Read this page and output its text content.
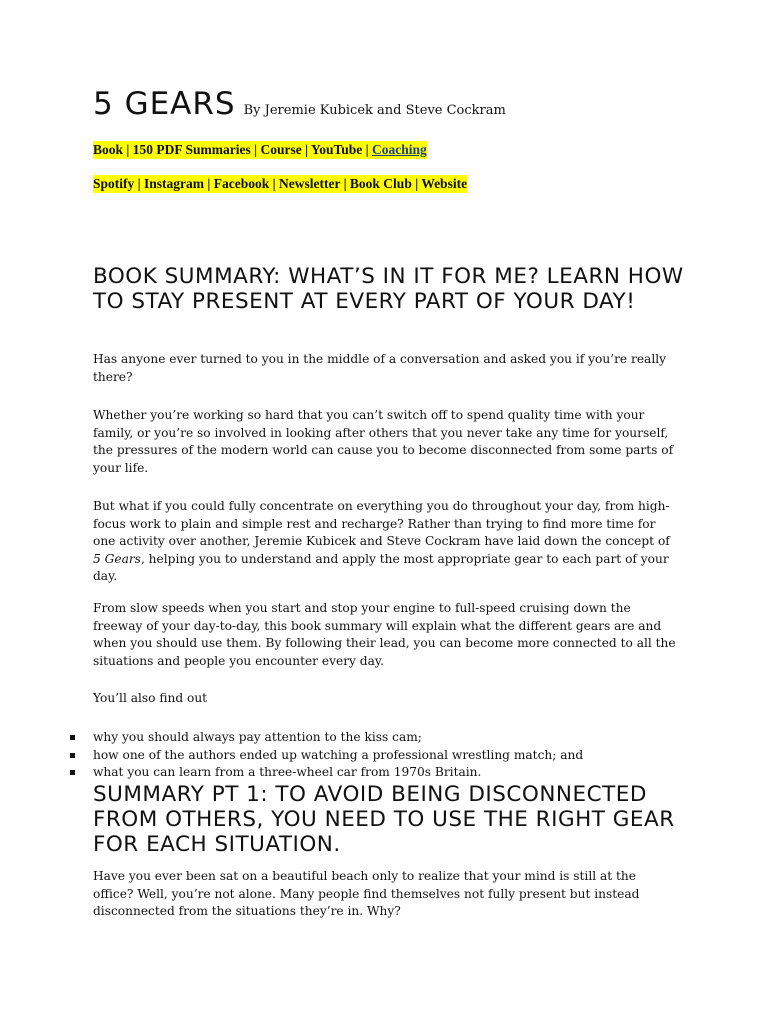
5 GEARS By Jeremie Kubicek and Steve Cockram
Book | 150 PDF Summaries | Course | YouTube | Coaching
Spotify | Instagram | Facebook | Newsletter | Book Club | Website
BOOK SUMMARY: WHAT’S IN IT FOR ME? LEARN HOW TO STAY PRESENT AT EVERY PART OF YOUR DAY!

Has anyone ever turned to you in the middle of a conversation and asked you if you’re really there?

Whether you’re working so hard that you can’t switch off to spend quality time with your family, or you’re so involved in looking after others that you never take any time for yourself, the pressures of the modern world can cause you to become disconnected from some parts of your life.

But what if you could fully concentrate on everything you do throughout your day, from high-focus work to plain and simple rest and recharge? Rather than trying to find more time for one activity over another, Jeremie Kubicek and Steve Cockram have laid down the concept of 5 Gears, helping you to understand and apply the most appropriate gear to each part of your day.

From slow speeds when you start and stop your engine to full-speed cruising down the freeway of your day-to-day, this book summary will explain what the different gears are and when you should use them. By following their lead, you can become more connected to all the situations and people you encounter every day.

You’ll also find out

why you should always pay attention to the kiss cam;
how one of the authors ended up watching a professional wrestling match; and
what you can learn from a three-wheel car from 1970s Britain.
SUMMARY PT 1: TO AVOID BEING DISCONNECTED FROM OTHERS, YOU NEED TO USE THE RIGHT GEAR FOR EACH SITUATION.

Have you ever been sat on a beautiful beach only to realize that your mind is still at the office? Well, you’re not alone. Many people find themselves not fully present but instead disconnected from the situations they’re in. Why?
